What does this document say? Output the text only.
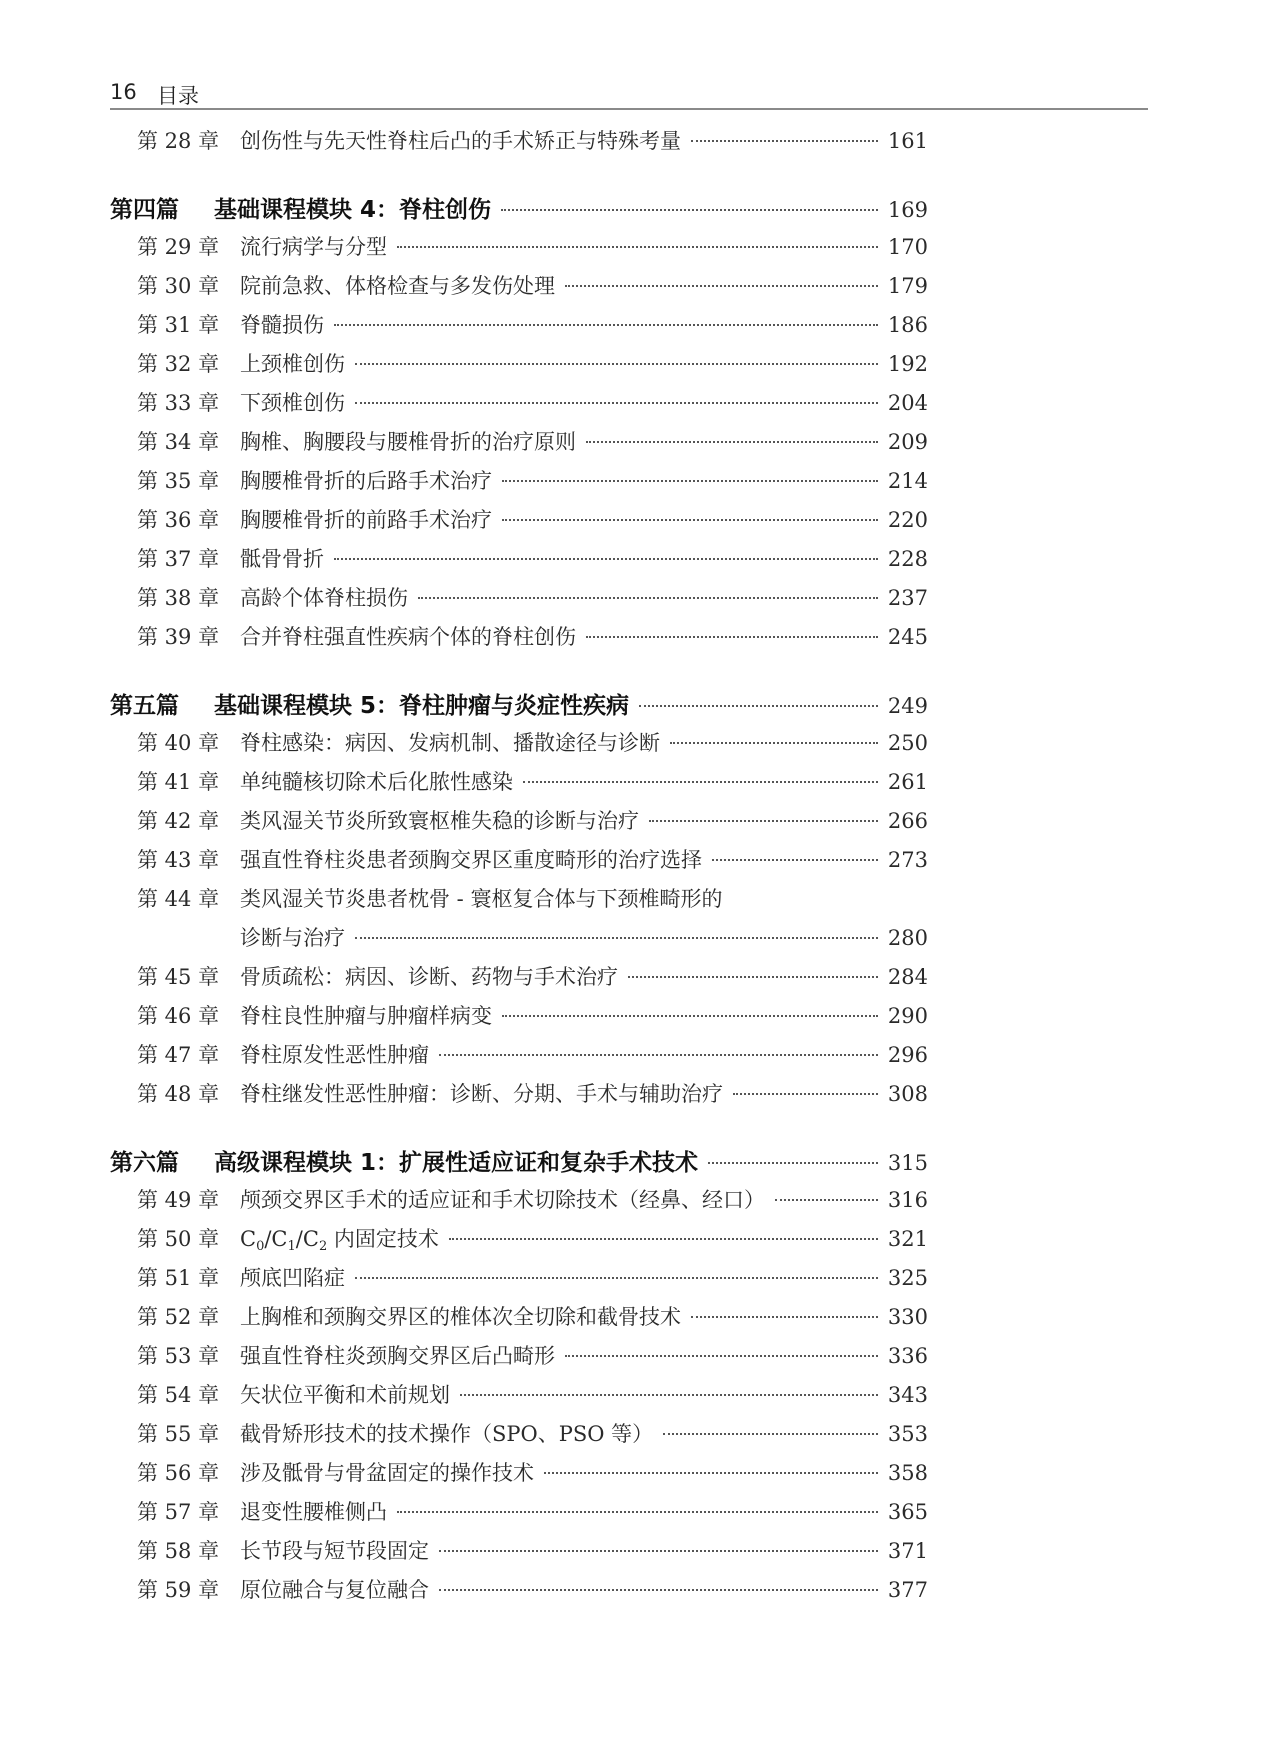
16 目录
第 28 章 创伤性与先天性脊柱后凸的手术矫正与特殊考量	161
第四篇	基础课程模块 4：脊柱创伤	169
第 29 章 流行病学与分型	170
第 30 章 院前急救、体格检查与多发伤处理	179
第 31 章 脊髓损伤	186
第 32 章 上颈椎创伤	192
第 33 章 下颈椎创伤	204
第 34 章 胸椎、胸腰段与腰椎骨折的治疗原则	209
第 35 章 胸腰椎骨折的后路手术治疗	214
第 36 章 胸腰椎骨折的前路手术治疗	220
第 37 章 骶骨骨折	228
第 38 章 高龄个体脊柱损伤	237
第 39 章 合并脊柱强直性疾病个体的脊柱创伤	245
第五篇	基础课程模块 5：脊柱肿瘤与炎症性疾病	249
第 40 章 脊柱感染：病因、发病机制、播散途径与诊断	250
第 41 章 单纯髓核切除术后化脓性感染	261
第 42 章 类风湿关节炎所致寰枢椎失稳的诊断与治疗	266
第 43 章 强直性脊柱炎患者颈胸交界区重度畸形的治疗选择	273
第 44 章 类风湿关节炎患者枕骨 - 寰枢复合体与下颈椎畸形的
诊断与治疗	280
第 45 章 骨质疏松：病因、诊断、药物与手术治疗	284
第 46 章 脊柱良性肿瘤与肿瘤样病变	290
第 47 章 脊柱原发性恶性肿瘤	296
第 48 章 脊柱继发性恶性肿瘤：诊断、分期、手术与辅助治疗	308
第六篇	高级课程模块 1：扩展性适应证和复杂手术技术	315
第 49 章 颅颈交界区手术的适应证和手术切除技术（经鼻、经口）	316
第 50 章 $C_0/C_1/C_2$ 内固定技术	321
第 51 章 颅底凹陷症	325
第 52 章 上胸椎和颈胸交界区的椎体次全切除和截骨技术	330
第 53 章 强直性脊柱炎颈胸交界区后凸畸形	336
第 54 章 矢状位平衡和术前规划	343
第 55 章 截骨矫形技术的技术操作（SPO、PSO 等）	353
第 56 章 涉及骶骨与骨盆固定的操作技术	358
第 57 章 退变性腰椎侧凸	365
第 58 章 长节段与短节段固定	371
第 59 章 原位融合与复位融合	377
